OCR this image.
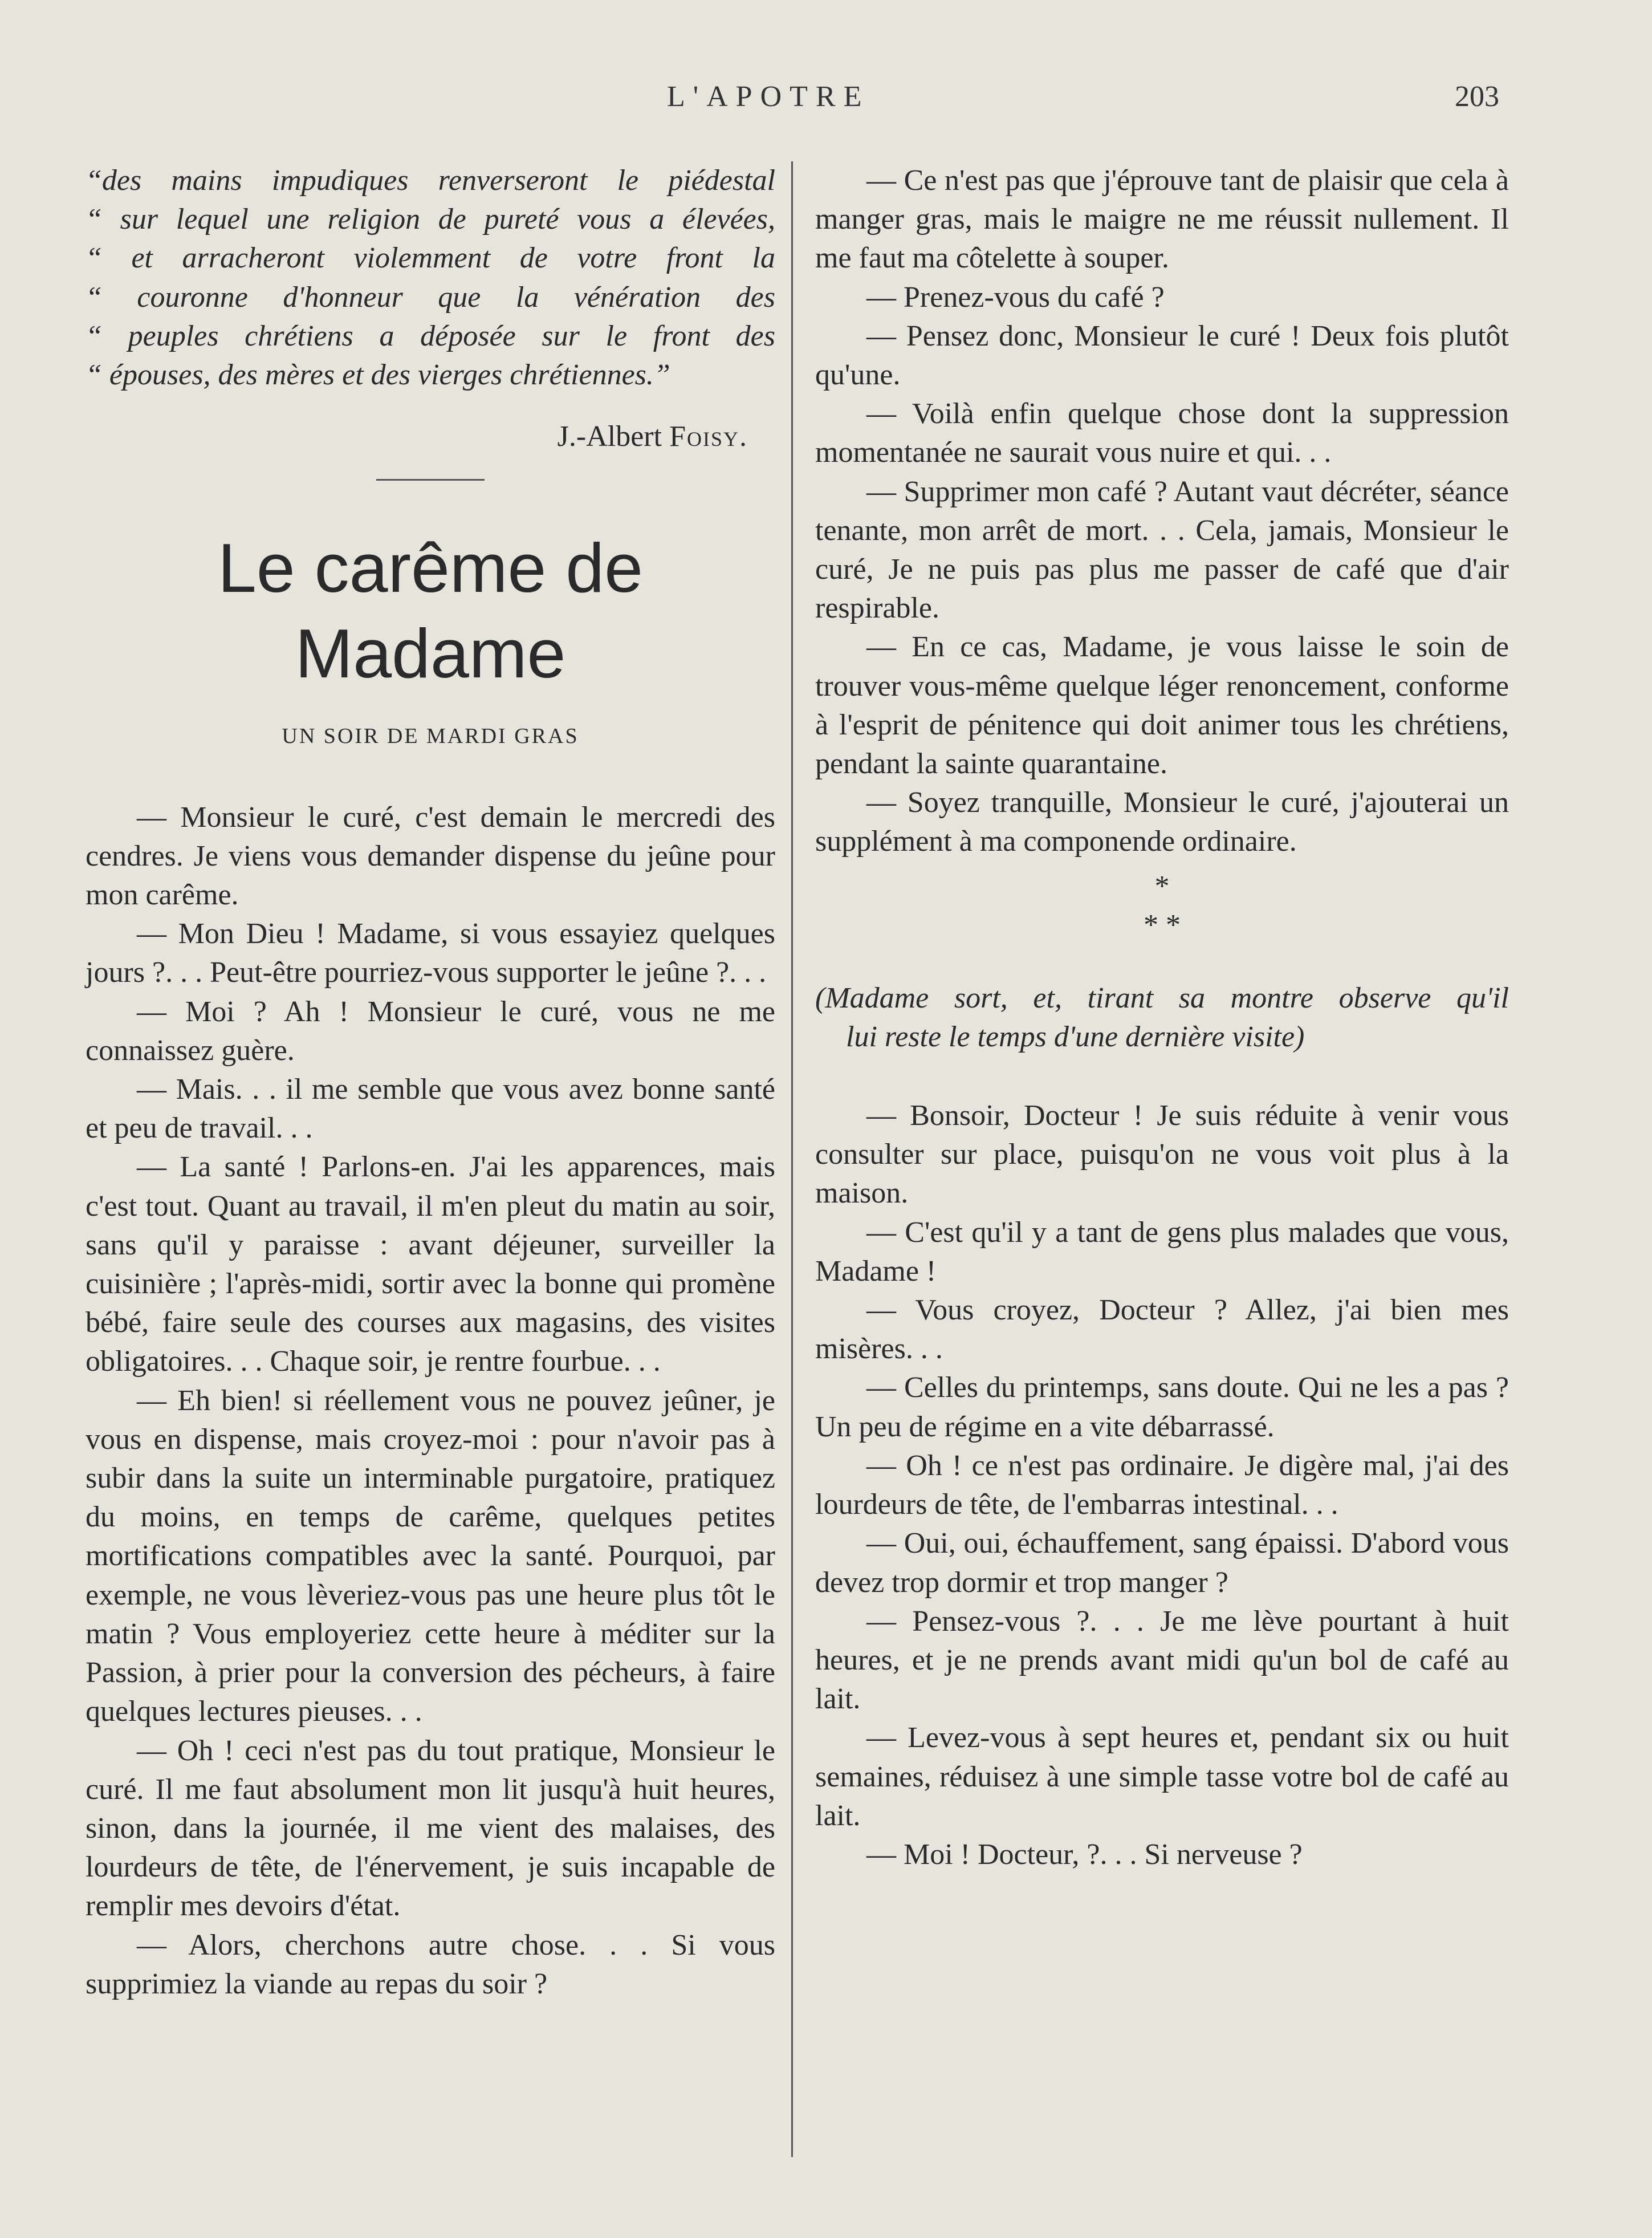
L'APOTRE	203
“des mains impudiques renverseront le piédestal
“ sur lequel une religion de pureté vous a élevées,
“ et arracheront violemment de votre front la
“ couronne d'honneur que la vénération des
“ peuples chrétiens a déposée sur le front des
“ épouses, des mères et des vierges chrétiennes.”
J.-Albert Foisy.
Le carême de Madame
UN SOIR DE MARDI GRAS

— Monsieur le curé, c'est demain le mercredi des cendres. Je viens vous demander dispense du jeûne pour mon carême.

— Mon Dieu ! Madame, si vous essayiez quelques jours ?. . . Peut-être pourriez-vous supporter le jeûne ?. . .

— Moi ? Ah ! Monsieur le curé, vous ne me connaissez guère.

— Mais. . . il me semble que vous avez bonne santé et peu de travail. . .

— La santé ! Parlons-en. J'ai les apparences, mais c'est tout. Quant au travail, il m'en pleut du matin au soir, sans qu'il y paraisse : avant déjeuner, surveiller la cuisinière ; l'après-midi, sortir avec la bonne qui promène bébé, faire seule des courses aux magasins, des visites obligatoires. . . Chaque soir, je rentre fourbue. . .

— Eh bien! si réellement vous ne pouvez jeûner, je vous en dispense, mais croyez-moi : pour n'avoir pas à subir dans la suite un interminable purgatoire, pratiquez du moins, en temps de carême, quelques petites mortifications compatibles avec la santé. Pourquoi, par exemple, ne vous lèveriez-vous pas une heure plus tôt le matin ? Vous employeriez cette heure à méditer sur la Passion, à prier pour la conversion des pécheurs, à faire quelques lectures pieuses. . .

— Oh ! ceci n'est pas du tout pratique, Monsieur le curé. Il me faut absolument mon lit jusqu'à huit heures, sinon, dans la journée, il me vient des malaises, des lourdeurs de tête, de l'énervement, je suis incapable de remplir mes devoirs d'état.

— Alors, cherchons autre chose. . . Si vous supprimiez la viande au repas du soir ?

— Ce n'est pas que j'éprouve tant de plaisir que cela à manger gras, mais le maigre ne me réussit nullement. Il me faut ma côtelette à souper.

— Prenez-vous du café ?

— Pensez donc, Monsieur le curé ! Deux fois plutôt qu'une.

— Voilà enfin quelque chose dont la suppression momentanée ne saurait vous nuire et qui. . .

— Supprimer mon café ? Autant vaut décréter, séance tenante, mon arrêt de mort. . . Cela, jamais, Monsieur le curé, Je ne puis pas plus me passer de café que d'air respirable.

— En ce cas, Madame, je vous laisse le soin de trouver vous-même quelque léger renoncement, conforme à l'esprit de pénitence qui doit animer tous les chrétiens, pendant la sainte quarantaine.

— Soyez tranquille, Monsieur le curé, j'ajouterai un supplément à ma componende ordinaire.

*
* *
(Madame sort, et, tirant sa montre observe qu'il
lui reste le temps d'une dernière visite)

— Bonsoir, Docteur ! Je suis réduite à venir vous consulter sur place, puisqu'on ne vous voit plus à la maison.

— C'est qu'il y a tant de gens plus malades que vous, Madame !

— Vous croyez, Docteur ? Allez, j'ai bien mes misères. . .

— Celles du printemps, sans doute. Qui ne les a pas ? Un peu de régime en a vite débarrassé.

— Oh ! ce n'est pas ordinaire. Je digère mal, j'ai des lourdeurs de tête, de l'embarras intestinal. . .

— Oui, oui, échauffement, sang épaissi. D'abord vous devez trop dormir et trop manger ?

— Pensez-vous ?. . . Je me lève pourtant à huit heures, et je ne prends avant midi qu'un bol de café au lait.

— Levez-vous à sept heures et, pendant six ou huit semaines, réduisez à une simple tasse votre bol de café au lait.

— Moi ! Docteur, ?. . . Si nerveuse ?
